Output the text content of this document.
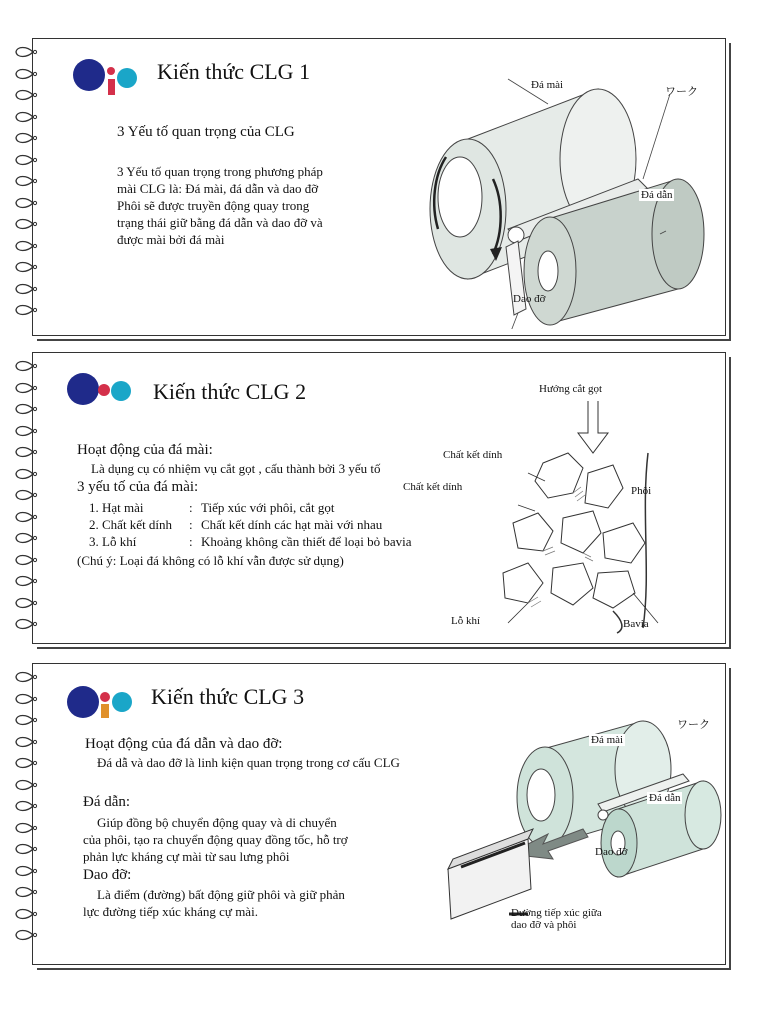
Kiến thức CLG 1
3 Yếu tố quan trọng của CLG
3 Yếu tố quan trọng trong phương pháp
mài CLG là: Đá mài, đá dẫn và dao đỡ
Phôi sẽ được truyền động quay trong
trạng thái giữ bằng đá dẫn và dao đỡ và
được mài bởi đá mài
Đá mài
ワーク
Đá dẫn
Dao đỡ
Kiến thức CLG 2
Hoạt động của đá mài:
Là dụng cụ có nhiệm vụ cắt gọt , cấu thành bởi 3 yếu tố
3 yếu tố của đá mài:
1. Hạt mài	: Tiếp xúc với phôi, cắt gọt
2. Chất kết dính	: Chất kết dính các hạt mài với nhau
3. Lỗ khí	: Khoảng không cần thiết để loại bỏ bavia
(Chú ý: Loại đá không có lỗ khí vẫn được sử dụng)
Hướng cắt gọt
Chất kết dính
Chất kết dính	Phôi
Lỗ khí	Bavia
Kiến thức CLG 3
Hoạt động của đá dẫn và dao đỡ:
Đá dẫ và dao đỡ là linh kiện quan trọng trong cơ cấu CLG
Đá dẫn:
Giúp đồng bộ chuyển động quay và di chuyển
của phôi, tạo ra chuyển động quay đồng tốc, hỗ trợ
phản lực kháng cự mài từ sau lưng phôi
Dao đỡ:
Là điểm (đường) bất động giữ phôi và giữ phản
lực đường tiếp xúc kháng cự mài.
Đá mài
ワーク
Đá dẫn
Dao đỡ
Đường tiếp xúc giữa
dao đỡ và phôi
